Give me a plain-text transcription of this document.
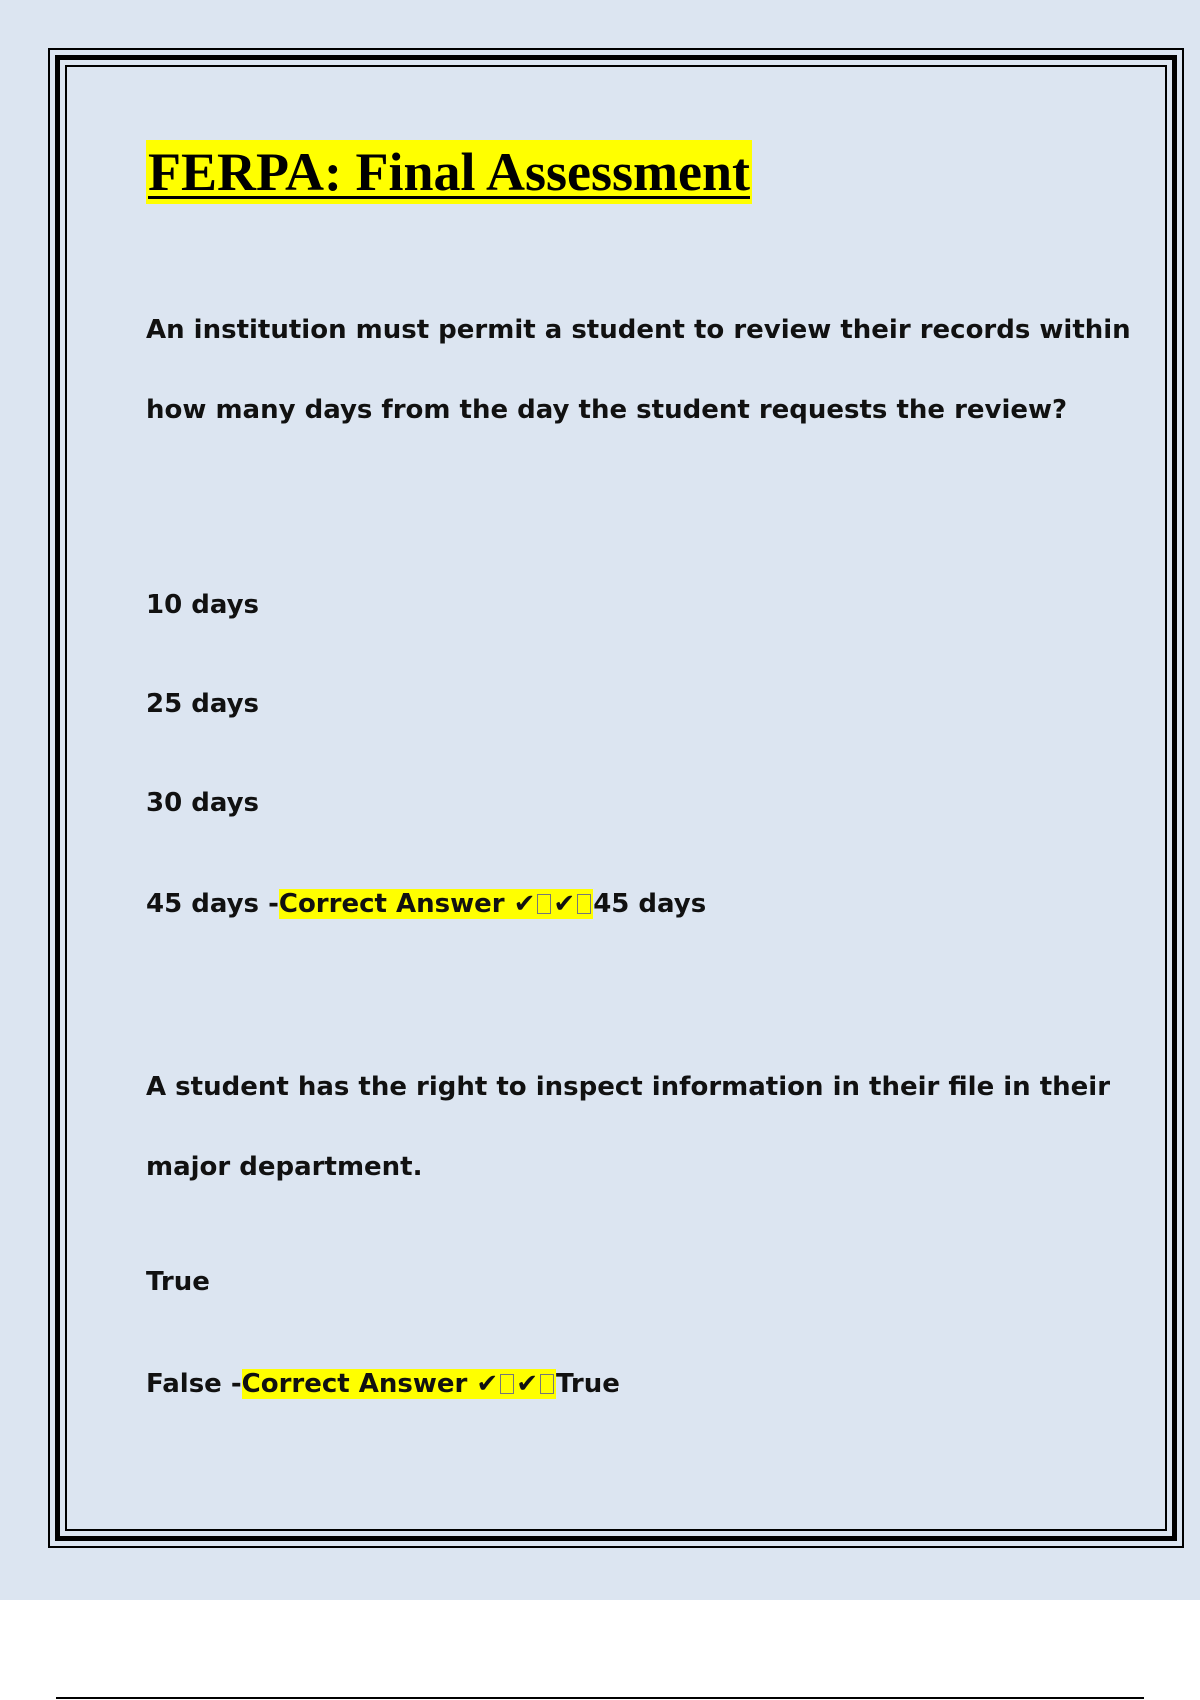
FERPA: Final Assessment

An institution must permit a student to review their records within
how many days from the day the student requests the review?

10 days

25 days

30 days

45 days -Correct Answer ✔ ✔ 45 days

A student has the right to inspect information in their file in their
major department.

True

False -Correct Answer ✔ ✔ True
